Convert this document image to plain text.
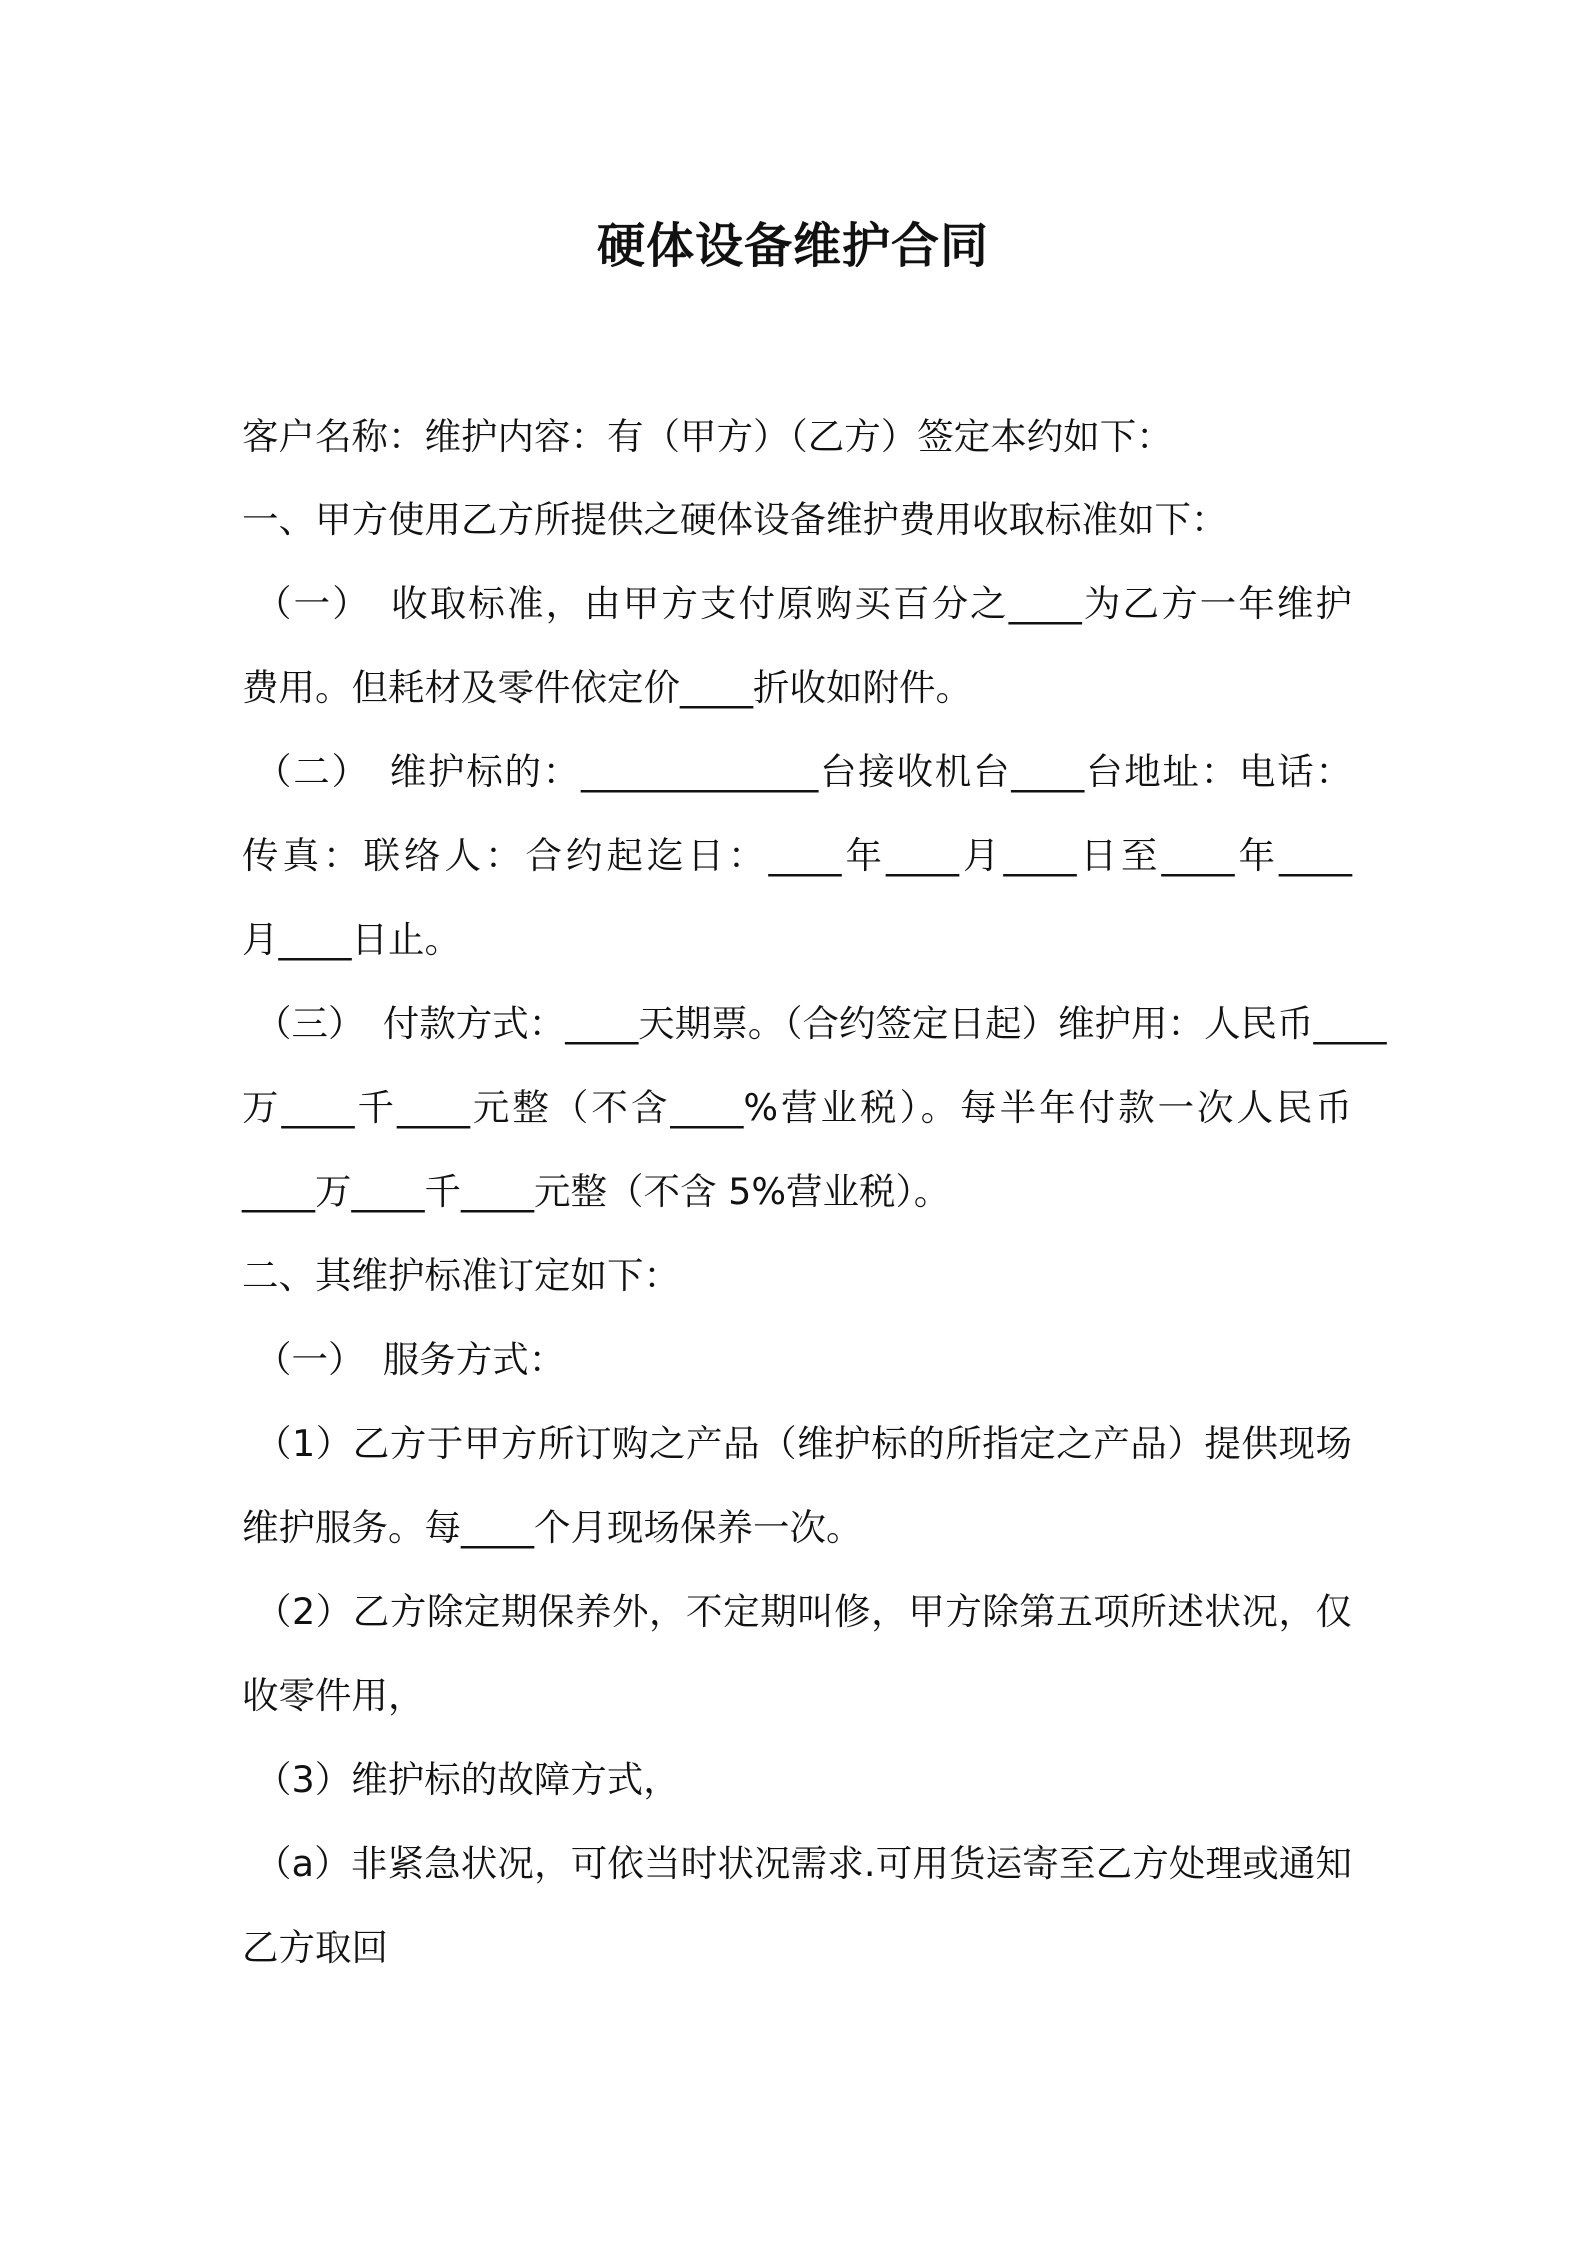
硬体设备维护合同
客户名称：维护内容：有（甲方）（乙方）签定本约如下：
一、甲方使用乙方所提供之硬体设备维护费用收取标准如下：
（一）　收取标准，由甲方支付原购买百分之____为乙方一年维护
费用。但耗材及零件依定价____折收如附件。
（二）　维护标的：_____________台接收机台____台地址：电话：
传真：联络人：合约起迄日：____年____月____日至____年____
月____日止。
（三）　付款方式：____天期票。（合约签定日起）维护用：人民币____
万____千____元整（不含____%营业税）。每半年付款一次人民币
____万____千____元整（不含 5%营业税）。
二、其维护标准订定如下：
（一）　服务方式：
（1）乙方于甲方所订购之产品（维护标的所指定之产品）提供现场
维护服务。每____个月现场保养一次。
（2）乙方除定期保养外，不定期叫修，甲方除第五项所述状况，仅
收零件用，
（3）维护标的故障方式，
（a）非紧急状况，可依当时状况需求.可用货运寄至乙方处理或通知
乙方取回
